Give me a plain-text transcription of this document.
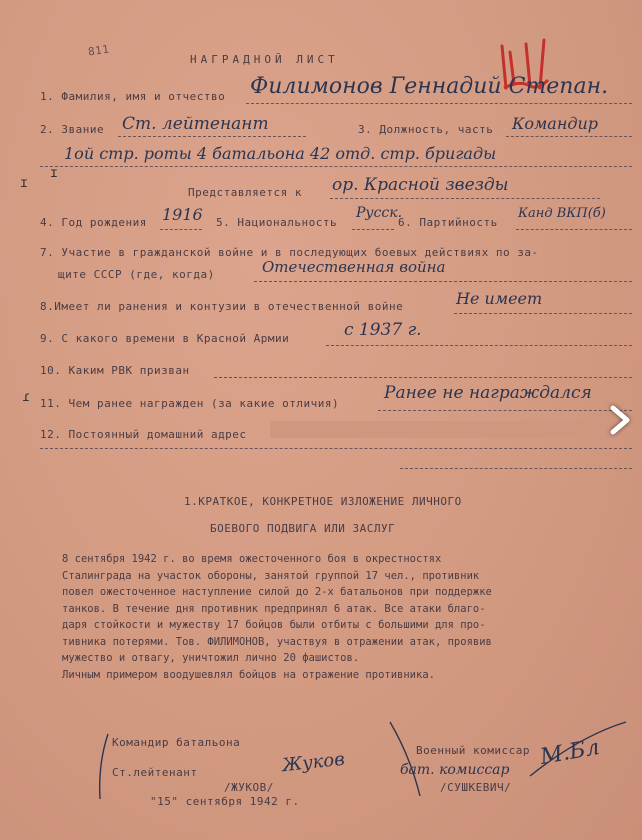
811
НАГРАДНОЙ ЛИСТ
1. Фамилия, имя и отчество Филимонов Геннадий Степан.
2. Звание Ст. лейтенант	3. Должность, часть Командир
1ой стр. роты 4 батальона 42 отд. стр. бригады
ɪ
ɪ
Представляется к ор. Красной звезды
4. Год рождения 1916 5. Национальность
Русск.
6. Партийность
Канд ВКП(б)
7. Участие в гражданской войне и в последующих боевых действиях по за-
щите СССР (где, когда)	Отечественная война
8.Имеет ли ранения и контузии в отечественной войне	Не имеет
9. С какого времени в Красной Армии	с 1937 г.
10. Каким РВК призван
ɾ 11. Чем ранее награжден (за какие отличия)
Ранее не награждался
12. Постоянный домашний адрес
1.КРАТКОЕ, КОНКРЕТНОЕ ИЗЛОЖЕНИЕ ЛИЧНОГО
БОЕВОГО ПОДВИГА ИЛИ ЗАСЛУГ

8 сентября 1942 г. во время ожесточенного боя в окрестностях

Сталинграда на участок обороны, занятой группой 17 чел., противник

повел ожесточенное наступление силой до 2-х батальонов при поддержке

танков. В течение дня противник предпринял 6 атак. Все атаки благо-

даря стойкости и мужеству 17 бойцов были отбиты с большими для про-

тивника потерями. Тов. ФИЛИМОНОВ, участвуя в отражении атак, проявив

мужество и отвагу, уничтожил лично 20 фашистов.

Личным примером воодушевлял бойцов на отражение противника.

Командир батальона
Ст.лейтенант
/ЖУКОВ/
Жуков
"15" сентября 1942 г.
Военный комиссар
бат. комиссар
/СУШКЕВИЧ/
М.Бл
